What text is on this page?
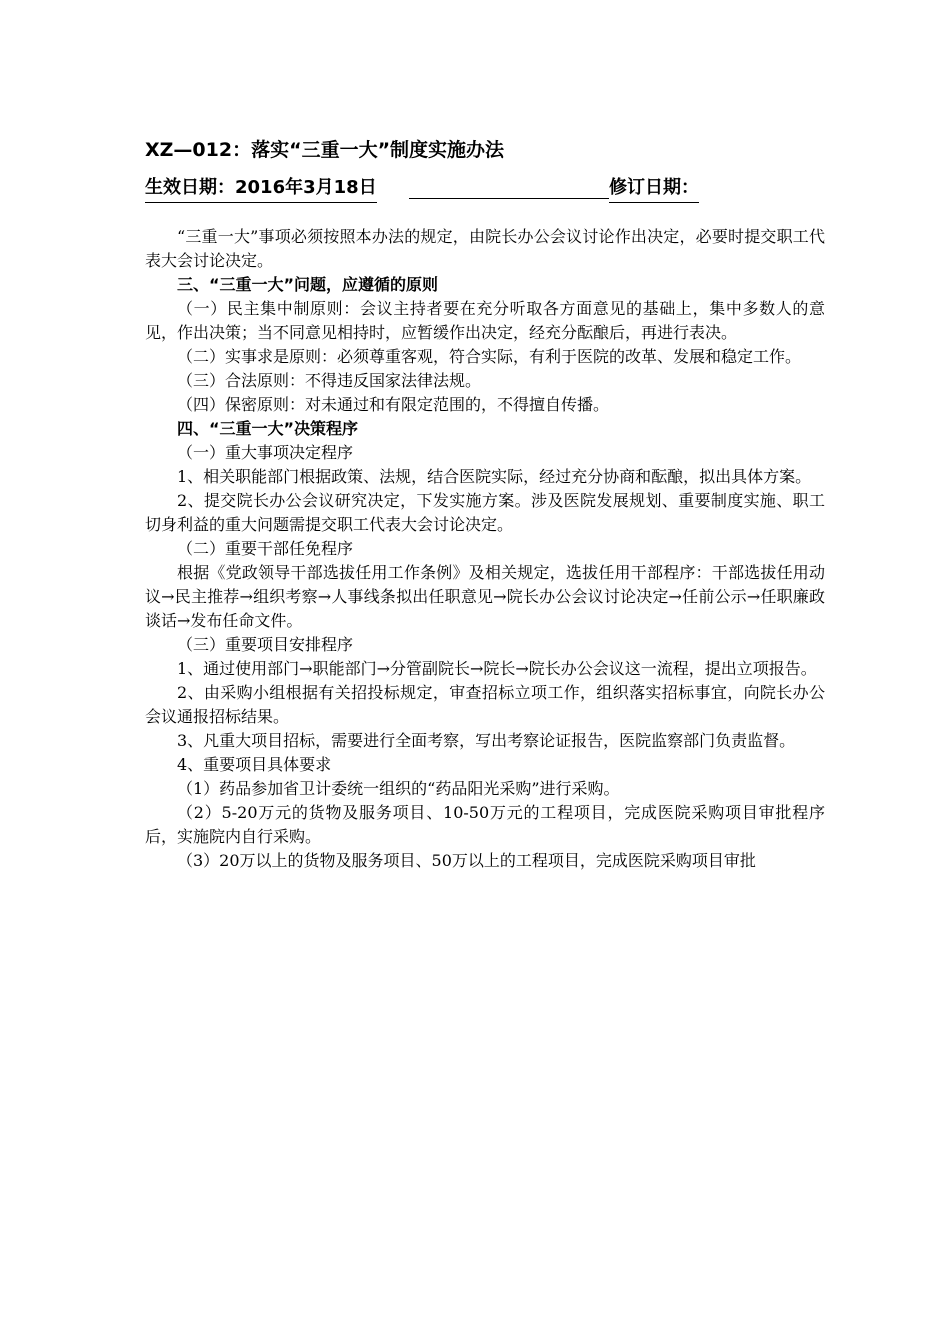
XZ—012：落实“三重一大”制度实施办法
生效日期：2016年3月18日	修订日期：

“三重一大”事项必须按照本办法的规定，由院长办公会议讨论作出决定，必要时提交职工代表大会讨论决定。

三、“三重一大”问题，应遵循的原则

（一）民主集中制原则：会议主持者要在充分听取各方面意见的基础上，集中多数人的意见，作出决策；当不同意见相持时，应暂缓作出决定，经充分酝酿后，再进行表决。

（二）实事求是原则：必须尊重客观，符合实际，有利于医院的改革、发展和稳定工作。

（三）合法原则：不得违反国家法律法规。

（四）保密原则：对未通过和有限定范围的，不得擅自传播。

四、“三重一大”决策程序

（一）重大事项决定程序

1、相关职能部门根据政策、法规，结合医院实际，经过充分协商和酝酿，拟出具体方案。

2、提交院长办公会议研究决定，下发实施方案。涉及医院发展规划、重要制度实施、职工切身利益的重大问题需提交职工代表大会讨论决定。

（二）重要干部任免程序

根据《党政领导干部选拔任用工作条例》及相关规定，选拔任用干部程序：干部选拔任用动议→民主推荐→组织考察→人事线条拟出任职意见→院长办公会议讨论决定→任前公示→任职廉政谈话→发布任命文件。

（三）重要项目安排程序

1、通过使用部门→职能部门→分管副院长→院长→院长办公会议这一流程，提出立项报告。

2、由采购小组根据有关招投标规定，审查招标立项工作，组织落实招标事宜，向院长办公会议通报招标结果。

3、凡重大项目招标，需要进行全面考察，写出考察论证报告，医院监察部门负责监督。

4、重要项目具体要求

（1）药品参加省卫计委统一组织的“药品阳光采购”进行采购。

（2）5-20万元的货物及服务项目、10-50万元的工程项目，完成医院采购项目审批程序后，实施院内自行采购。

（3）20万以上的货物及服务项目、50万以上的工程项目，完成医院采购项目审批
